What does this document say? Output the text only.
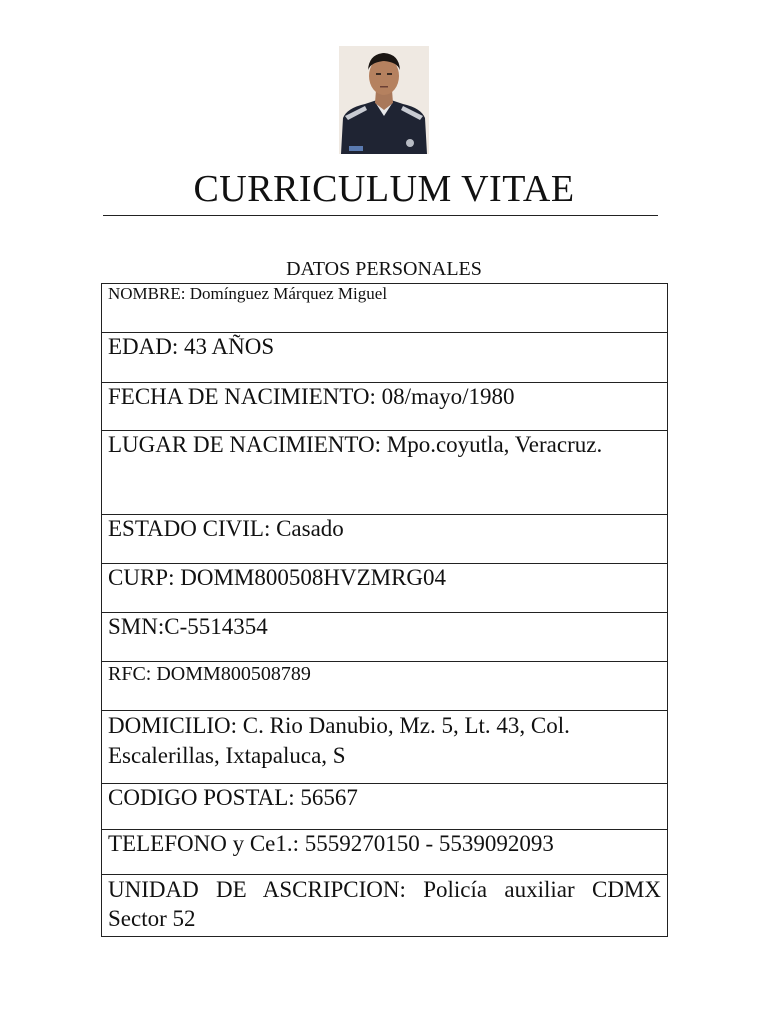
CURRICULUM VITAE
DATOS PERSONALES
NOMBRE: Domínguez Márquez Miguel
EDAD: 43 AÑOS
FECHA DE NACIMIENTO: 08/mayo/1980
LUGAR DE NACIMIENTO: Mpo.coyutla, Veracruz.
ESTADO CIVIL: Casado
CURP: DOMM800508HVZMRG04
SMN:C-5514354
RFC: DOMM800508789
DOMICILIO: C. Rio Danubio, Mz. 5, Lt. 43, Col. Escalerillas, Ixtapaluca, S
CODIGO POSTAL: 56567
TELEFONO y Ce1.: 5559270150 - 5539092093
UNIDAD DE ASCRIPCION: Policía auxiliar CDMX Sector 52
